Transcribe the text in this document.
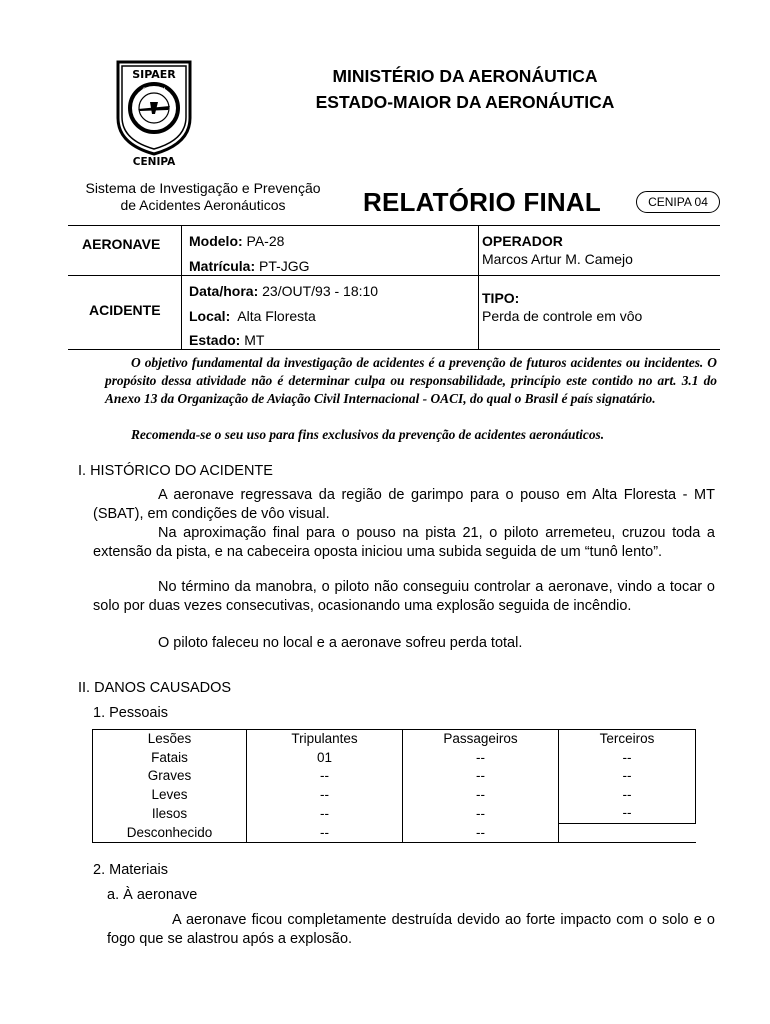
SIPAER
O HOMEM
CENIPA
MINISTÉRIO DA AERONÁUTICA
ESTADO-MAIOR DA AERONÁUTICA
Sistema de Investigação e Prevenção
de Acidentes Aeronáuticos	RELATÓRIO FINAL	CENIPA 04
AERONAVE Modelo: PA-28
Matrícula: PT-JGG
OPERADOR
Marcos Artur M. Camejo
ACIDENTE
Data/hora: 23/OUT/93 - 18:10
Local: Alta Floresta
Estado: MT
TIPO:
Perda de controle em vôo
O objetivo fundamental da investigação de acidentes é a prevenção de futuros acidentes ou incidentes. O propósito dessa atividade não é determinar culpa ou responsabilidade, princípio este contido no art. 3.1 do Anexo 13 da Organização de Aviação Civil Internacional - OACI, do qual o Brasil é país signatário.
Recomenda-se o seu uso para fins exclusivos da prevenção de acidentes aeronáuticos.
I. HISTÓRICO DO ACIDENTE
A aeronave regressava da região de garimpo para o pouso em Alta Floresta - MT (SBAT), em condições de vôo visual.
Na aproximação final para o pouso na pista 21, o piloto arremeteu, cruzou toda a extensão da pista, e na cabeceira oposta iniciou uma subida seguida de um “tunô lento”.
No término da manobra, o piloto não conseguiu controlar a aeronave, vindo a tocar o solo por duas vezes consecutivas, ocasionando uma explosão seguida de incêndio.
O piloto faleceu no local e a aeronave sofreu perda total.
II. DANOS CAUSADOS
1. Pessoais
Lesões	Tripulantes	Passageiros	Terceiros
Fatais	01	--	--
Graves	--	--	--
Leves	--	--	--
Ilesos	--	--	--
Desconhecido	--	--	
2. Materiais
a. À aeronave
A aeronave ficou completamente destruída devido ao forte impacto com o solo e o fogo que se alastrou após a explosão.
